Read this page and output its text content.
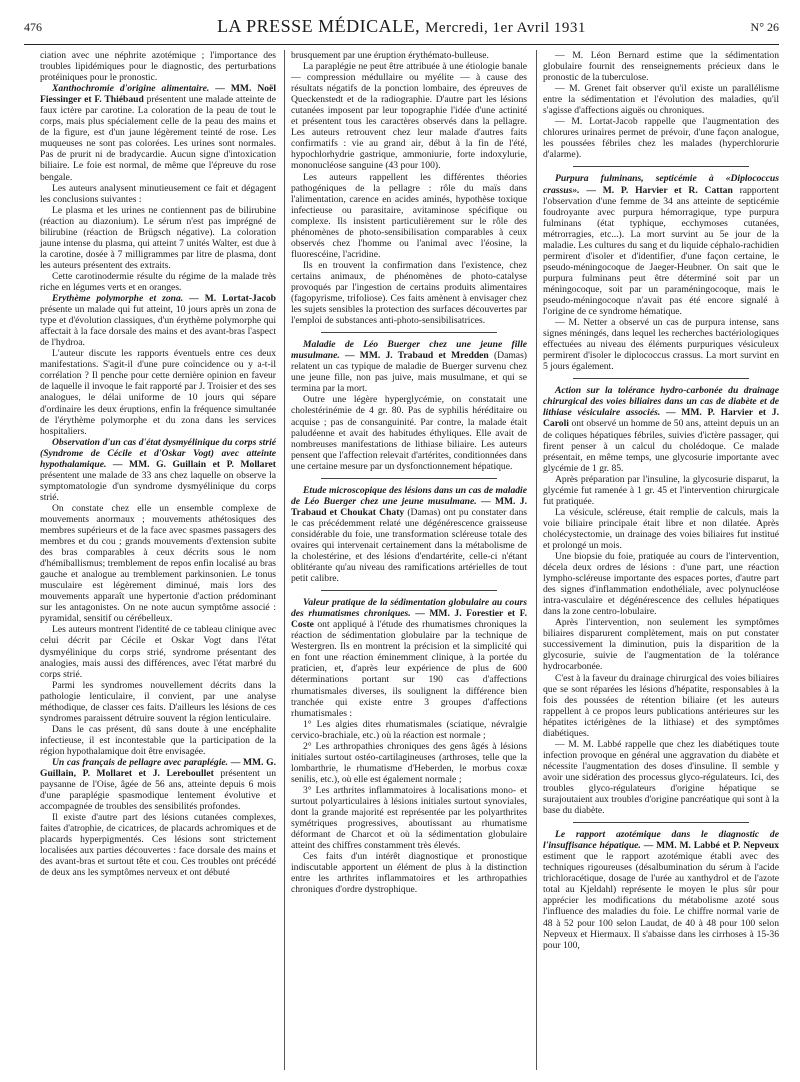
476	LA PRESSE MÉDICALE, Mercredi, 1er Avril 1931	N° 26

ciation avec une néphrite azotémique ; l'importance des troubles lipidémiques pour le diagnostic, des perturbations protéiniques pour le pronostic.

Xanthochromie d'origine alimentaire. — MM. Noël Fiessinger et F. Thiébaud présentent une malade atteinte de faux ictère par carotine. La coloration de la peau de tout le corps, mais plus spécialement celle de la peau des mains et de la figure, est d'un jaune légèrement teinté de rose. Les muqueuses ne sont pas colorées. Les urines sont normales. Pas de prurit ni de bradycardie. Aucun signe d'intoxication biliaire. Le foie est normal, de même que l'épreuve du rose bengale.

Les auteurs analysent minutieusement ce fait et dégagent les conclusions suivantes :

Le plasma et les urines ne contiennent pas de bilirubine (réaction au diazonium). Le sérum n'est pas imprégné de bilirubine (réaction de Brügsch négative). La coloration jaune intense du plasma, qui atteint 7 unités Walter, est due à la carotine, dosée à 7 milligrammes par litre de plasma, dont les auteurs présentent des extraits.

Cette carotinodermie résulte du régime de la malade très riche en légumes verts et en oranges.

Erythème polymorphe et zona. — M. Lortat-Jacob présente un malade qui fut atteint, 10 jours après un zona de type et d'évolution classiques, d'un érythème polymorphe qui affectait à la face dorsale des mains et des avant-bras l'aspect de l'hydroa.

L'auteur discute les rapports éventuels entre ces deux manifestations. S'agit-il d'une pure coïncidence ou y a-t-il corrélation ? Il penche pour cette dernière opinion en faveur de laquelle il invoque le fait rapporté par J. Troisier et des ses analogues, le délai uniforme de 10 jours qui sépare d'ordinaire les deux éruptions, enfin la fréquence simultanée de l'érythème polymorphe et du zona dans les services hospitaliers.

Observation d'un cas d'état dysmyélinique du corps strié (Syndrome de Cécile et d'Oskar Vogt) avec atteinte hypothalamique. — MM. G. Guillain et P. Mollaret présentent une malade de 33 ans chez laquelle on observe la symptomatologie d'un syndrome dysmyélinique du corps strié.

On constate chez elle un ensemble complexe de mouvements anormaux ; mouvements athétosiques des membres supérieurs et de la face avec spasmes passagers des membres et du cou ; grands mouvements d'extension subite des bras comparables à ceux décrits sous le nom d'hémiballismus; tremblement de repos enfin localisé au bras gauche et analogue au tremblement parkinsonien. Le tonus musculaire est légèrement diminué, mais lors des mouvements apparaît une hypertonie d'action prédominant sur les antagonistes. On ne note aucun symptôme associé : pyramidal, sensitif ou cérébelleux.

Les auteurs montrent l'identité de ce tableau clinique avec celui décrit par Cécile et Oskar Vogt dans l'état dysmyélinique du corps strié, syndrome présentant des analogies, mais aussi des différences, avec l'état marbré du corps strié.

Parmi les syndromes nouvellement décrits dans la pathologie lenticulaire, il convient, par une analyse méthodique, de classer ces faits. D'ailleurs les lésions de ces syndromes paraissent détruire souvent la région lenticulaire.

Dans le cas présent, dû sans doute à une encéphalite infectieuse, il est incontestable que la participation de la région hypothalamique doit être envisagée.

Un cas français de pellagre avec paraplégie. — MM. G. Guillain, P. Mollaret et J. Lereboullet présentent un paysanne de l'Oise, âgée de 56 ans, atteinte depuis 6 mois d'une paraplégie spasmodique lentement évolutive et accompagnée de troubles des sensibilités profondes.

Il existe d'autre part des lésions cutanées complexes, faites d'atrophie, de cicatrices, de placards achromiques et de placards hyperpigmentés. Ces lésions sont strictement localisées aux parties découvertes : face dorsale des mains et des avant-bras et surtout tête et cou. Ces troubles ont précédé de deux ans les symptômes nerveux et ont débuté

brusquement par une éruption érythémato-bulleuse.

La paraplégie ne peut être attribuée à une étiologie banale — compression médullaire ou myélite — à cause des résultats négatifs de la ponction lombaire, des épreuves de Queckenstedt et de la radiographie. D'autre part les lésions cutanées imposent par leur topographie l'idée d'une actinité et présentent tous les caractères observés dans la pellagre. Les auteurs retrouvent chez leur malade d'autres faits confirmatifs : vie au grand air, début à la fin de l'été, hypochlorhydrie gastrique, ammoniurie, forte indoxylurie, mononucléose sanguine (43 pour 100).

Les auteurs rappellent les différentes théories pathogéniques de la pellagre : rôle du maïs dans l'alimentation, carence en acides aminés, hypothèse toxique infectieuse ou parasitaire, avitaminose spécifique ou complexe. Ils insistent particulièrement sur le rôle des phénomènes de photo-sensibilisation comparables à ceux observés chez l'homme ou l'animal avec l'éosine, la fluorescéine, l'acridine.

Ils en trouvent la confirmation dans l'existence, chez certains animaux, de phénomènes de photo-catalyse provoqués par l'ingestion de certains produits alimentaires (fagopyrisme, trifoliose). Ces faits amènent à envisager chez les sujets sensibles la protection des surfaces découvertes par l'emploi de substances anti-photo-sensibilisatrices.

Maladie de Léo Buerger chez une jeune fille musulmane. — MM. J. Trabaud et Mredden (Damas) relatent un cas typique de maladie de Buerger survenu chez une jeune fille, non pas juive, mais musulmane, et qui se termina par la mort.

Outre une légère hyperglycémie, on constatait une cholestérinémie de 4 gr. 80. Pas de syphilis héréditaire ou acquise ; pas de consanguinité. Par contre, la malade était paludéenne et avait des habitudes éthyliques. Elle avait de nombreuses manifestations de lithiase biliaire. Les auteurs pensent que l'affection relevait d'artérites, conditionnées dans une certaine mesure par un dysfonctionnement hépatique.

Etude microscopique des lésions dans un cas de maladie de Léo Buerger chez une jeune musulmane. — MM. J. Trabaud et Choukat Chaty (Damas) ont pu constater dans le cas précédemment relaté une dégénérescence graisseuse considérable du foie, une transformation scléreuse totale des ovaires qui intervenait certainement dans la métabolisme de la cholestérine, et des lésions d'endartérite, celle-ci n'étant oblitérante qu'au niveau des ramifications artérielles de tout petit calibre.

Valeur pratique de la sédimentation globulaire au cours des rhumatismes chroniques. — MM. J. Forestier et F. Coste ont appliqué à l'étude des rhumatismes chroniques la réaction de sédimentation globulaire par la technique de Westergren. Ils en montrent la précision et la simplicité qui en font une réaction éminemment clinique, à la portée du praticien, et, d'après leur expérience de plus de 600 déterminations portant sur 190 cas d'affections rhumatismales diverses, ils soulignent la différence bien tranchée qui existe entre 3 groupes d'affections rhumatismales :

1° Les algies dites rhumatismales (sciatique, névralgie cervico-brachiale, etc.) où la réaction est normale ;

2° Les arthropathies chroniques des gens âgés à lésions initiales surtout ostéo-cartilagineuses (arthroses, telle que la lombarthrie, le rhumatisme d'Heberden, le morbus coxæ senilis, etc.), où elle est également normale ;

3° Les arthrites inflammatoires à localisations mono- et surtout polyarticulaires à lésions initiales surtout synoviales, dont la grande majorité est représentée par les polyarthrites symétriques progressives, aboutissant au rhumatisme déformant de Charcot et où la sédimentation globulaire atteint des chiffres constamment très élevés.

Ces faits d'un intérêt diagnostique et pronostique indiscutable apportent un élément de plus à la distinction entre les arthrites inflammatoires et les arthropathies chroniques d'ordre dystrophique.

— M. Léon Bernard estime que la sédimentation globulaire fournit des renseignements précieux dans le pronostic de la tuberculose.

— M. Grenet fait observer qu'il existe un parallélisme entre la sédimentation et l'évolution des maladies, qu'il s'agisse d'affections aiguës ou chroniques.

— M. Lortat-Jacob rappelle que l'augmentation des chlorures urinaires permet de prévoir, d'une façon analogue, les poussées fébriles chez les malades (hyperchlorurie d'alarme).

Purpura fulminans, septicémie à «Diplococcus crassus». — M. P. Harvier et R. Cattan rapportent l'observation d'une femme de 34 ans atteinte de septicémie foudroyante avec purpura hémorragique, type purpura fulminans (état typhique, ecchymoses cutanées, métrorragies, etc...). La mort survint au 5e jour de la maladie. Les cultures du sang et du liquide céphalo-rachidien permirent d'isoler et d'identifier, d'une façon certaine, le pseudo-méningocoque de Jaeger-Heubner. On sait que le purpura fulminans peut être déterminé soit par un méningocoque, soit par un paraméningocoque, mais le pseudo-méningocoque n'avait pas été encore signalé à l'origine de ce syndrome hématique.

— M. Netter a observé un cas de purpura intense, sans signes méningés, dans lequel les recherches bactériologiques effectuées au niveau des éléments purpuriques vésiculeux permirent d'isoler le diplococcus crassus. La mort survint en 5 jours également.

Action sur la tolérance hydro-carbonée du drainage chirurgical des voies biliaires dans un cas de diabète et de lithiase vésiculaire associés. — MM. P. Harvier et J. Caroli ont observé un homme de 50 ans, atteint depuis un an de coliques hépatiques fébriles, suivies d'ictère passager, qui firent penser à un calcul du cholédoque. Ce malade présentait, en même temps, une glycosurie importante avec glycémie de 1 gr. 85.

Après préparation par l'insuline, la glycosurie disparut, la glycémie fut ramenée à 1 gr. 45 et l'intervention chirurgicale fut pratiquée.

La vésicule, scléreuse, était remplie de calculs, mais la voie biliaire principale était libre et non dilatée. Après cholécystectomie, un drainage des voies biliaires fut institué et prolongé un mois.

Une biopsie du foie, pratiquée au cours de l'intervention, décela deux ordres de lésions : d'une part, une réaction lympho-scléreuse importante des espaces portes, d'autre part des signes d'inflammation endothéliale, avec polynucléose intra-vasculaire et dégénérescence des cellules hépatiques dans la zone centro-lobulaire.

Après l'intervention, non seulement les symptômes biliaires disparurent complètement, mais on put constater successivement la diminution, puis la disparition de la glycosurie, suivie de l'augmentation de la tolérance hydrocarbonée.

C'est à la faveur du drainage chirurgical des voies biliaires que se sont réparées les lésions d'hépatite, responsables à la fois des poussées de rétention biliaire (et les auteurs rappellent à ce propos leurs publications antérieures sur les hépatites ictérigènes de la lithiase) et des symptômes diabétiques.

— M. M. Labbé rappelle que chez les diabétiques toute infection provoque en général une aggravation du diabète et nécessite l'augmentation des doses d'insuline. Il semble y avoir une sidération des processus glyco-régulateurs. Ici, des troubles glyco-régulateurs d'origine hépatique se surajoutaient aux troubles d'origine pancréatique qui sont à la base du diabète.

Le rapport azotémique dans le diagnostic de l'insuffisance hépatique. — MM. M. Labbé et P. Nepveux estiment que le rapport azotémique établi avec des techniques rigoureuses (désalbumination du sérum à l'acide trichloracétique, dosage de l'urée au xanthydrol et de l'azote total au Kjeldahl) représente le moyen le plus sûr pour apprécier les modifications du métabolisme azoté sous l'influence des maladies du foie. Le chiffre normal varie de 48 à 52 pour 100 selon Laudat, de 40 à 48 pour 100 selon Nepveux et Hiermaux. Il s'abaisse dans les cirrhoses à 15-36 pour 100,
